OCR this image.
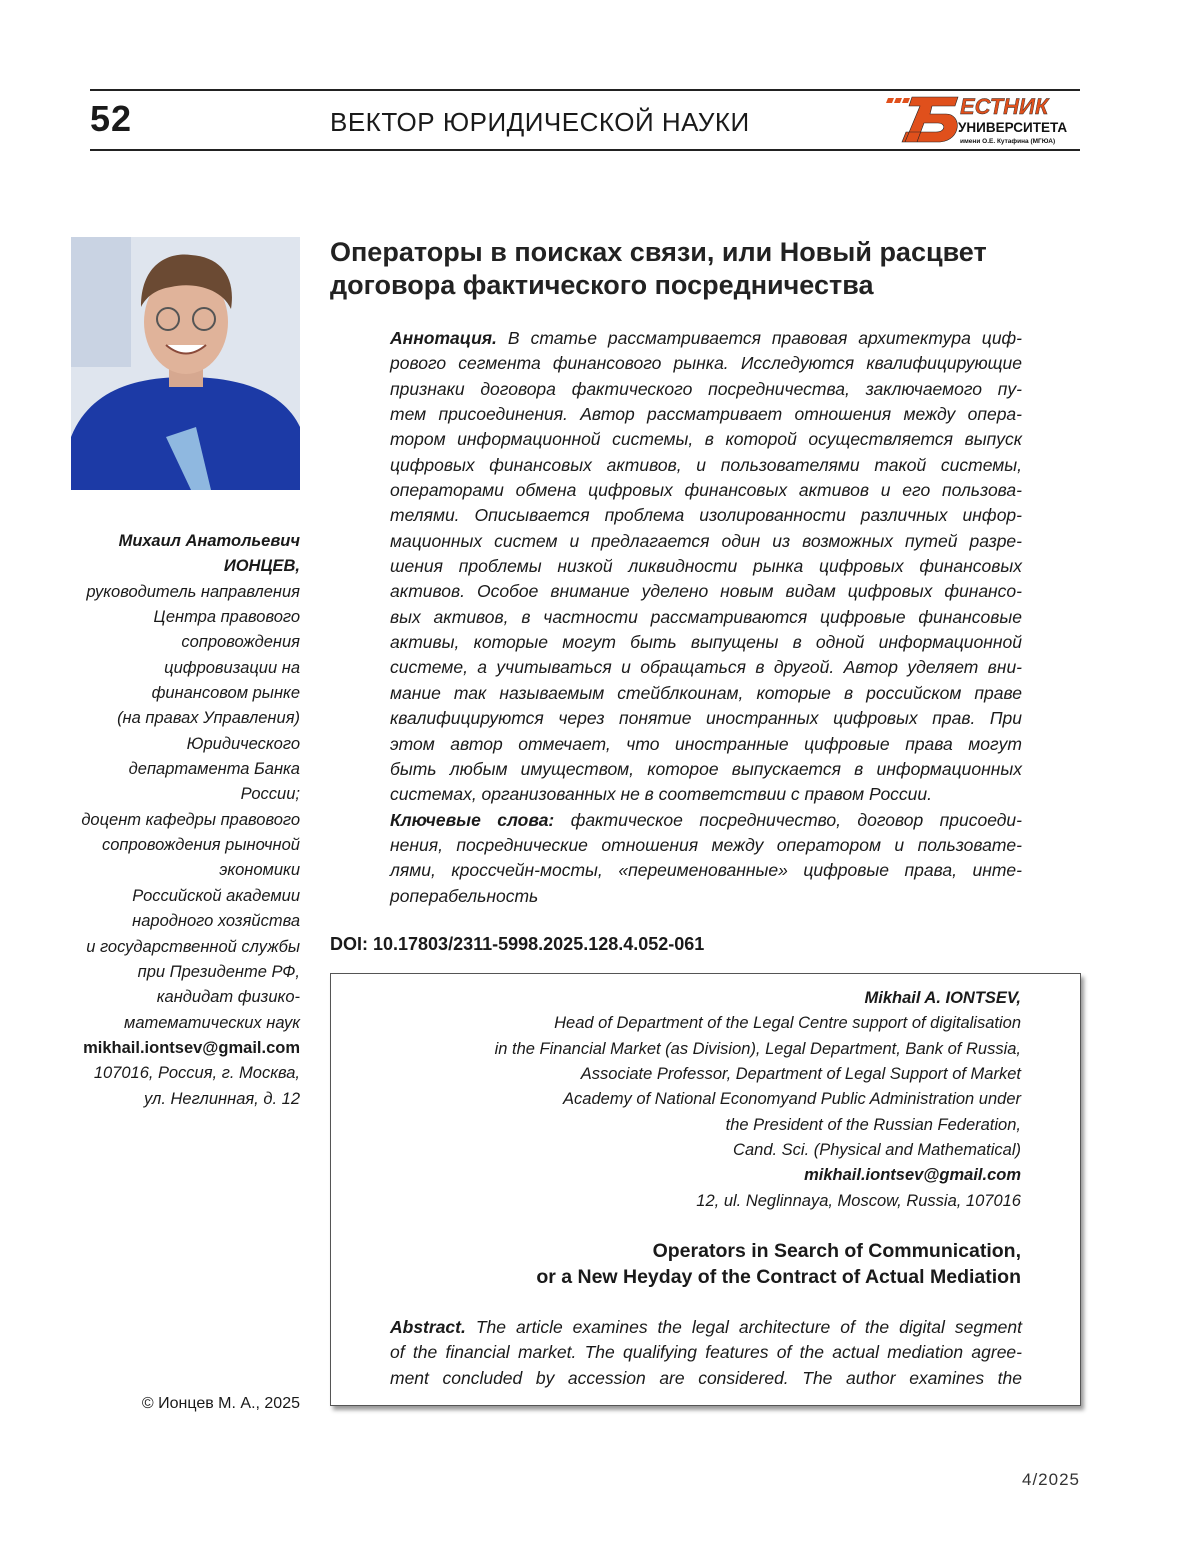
52	ВЕКТОР ЮРИДИЧЕСКОЙ НАУКИ
ЕСТНИК
УНИВЕРСИТЕТА
имени О.Е. Кутафина (МГЮА)
Операторы в поисках связи, или Новый расцвет
договора фактического посредничества
Аннотация. В статье рассматривается правовая архитектура циф-
рового сегмента финансового рынка. Исследуются квалифицирующие
признаки договора фактического посредничества, заключаемого пу-
тем присоединения. Автор рассматривает отношения между опера-
тором информационной системы, в которой осуществляется выпуск
цифровых финансовых активов, и пользователями такой системы,
операторами обмена цифровых финансовых активов и его пользова-
телями. Описывается проблема изолированности различных инфор-
мационных систем и предлагается один из возможных путей разре-
шения проблемы низкой ликвидности рынка цифровых финансовых
активов. Особое внимание уделено новым видам цифровых финансо-
вых активов, в частности рассматриваются цифровые финансовые
активы, которые могут быть выпущены в одной информационной
системе, а учитываться и обращаться в другой. Автор уделяет вни-
мание так называемым стейблкоинам, которые в российском праве
квалифицируются через понятие иностранных цифровых прав. При
этом автор отмечает, что иностранные цифровые права могут
быть любым имуществом, которое выпускается в информационных
системах, организованных не в соответствии с правом России.
Ключевые слова: фактическое посредничество, договор присоеди-
нения, посреднические отношения между оператором и пользовате-
лями, кроссчейн-мосты, «переименованные» цифровые права, инте-
роперабельность
Михаил Анатольевич
ИОНЦЕВ,
руководитель направления
Центра правового
сопровождения
цифровизации на
финансовом рынке
(на правах Управления)
Юридического
департамента Банка
России;
доцент кафедры правового
сопровождения рыночной
экономики
Российской академии
народного хозяйства
и государственной службы
при Президенте РФ,
кандидат физико-
математических наук
mikhail.iontsev@gmail.com
107016, Россия, г. Москва,
ул. Неглинная, д. 12
DOI: 10.17803/2311-5998.2025.128.4.052-061
Mikhail A. IONTSEV,
Head of Department of the Legal Centre support of digitalisation
in the Financial Market (as Division), Legal Department, Bank of Russia,
Associate Professor, Department of Legal Support of Market
Academy of National Economyand Public Administration under
the President of the Russian Federation,
Cand. Sci. (Physical and Mathematical)
mikhail.iontsev@gmail.com
12, ul. Neglinnaya, Moscow, Russia, 107016
Operators in Search of Communication,
or a New Heyday of the Contract of Actual Mediation
Abstract. The article examines the legal architecture of the digital segment
of the financial market. The qualifying features of the actual mediation agree-
ment concluded by accession are considered. The author examines the
© Ионцев М. А., 2025
4/2025
